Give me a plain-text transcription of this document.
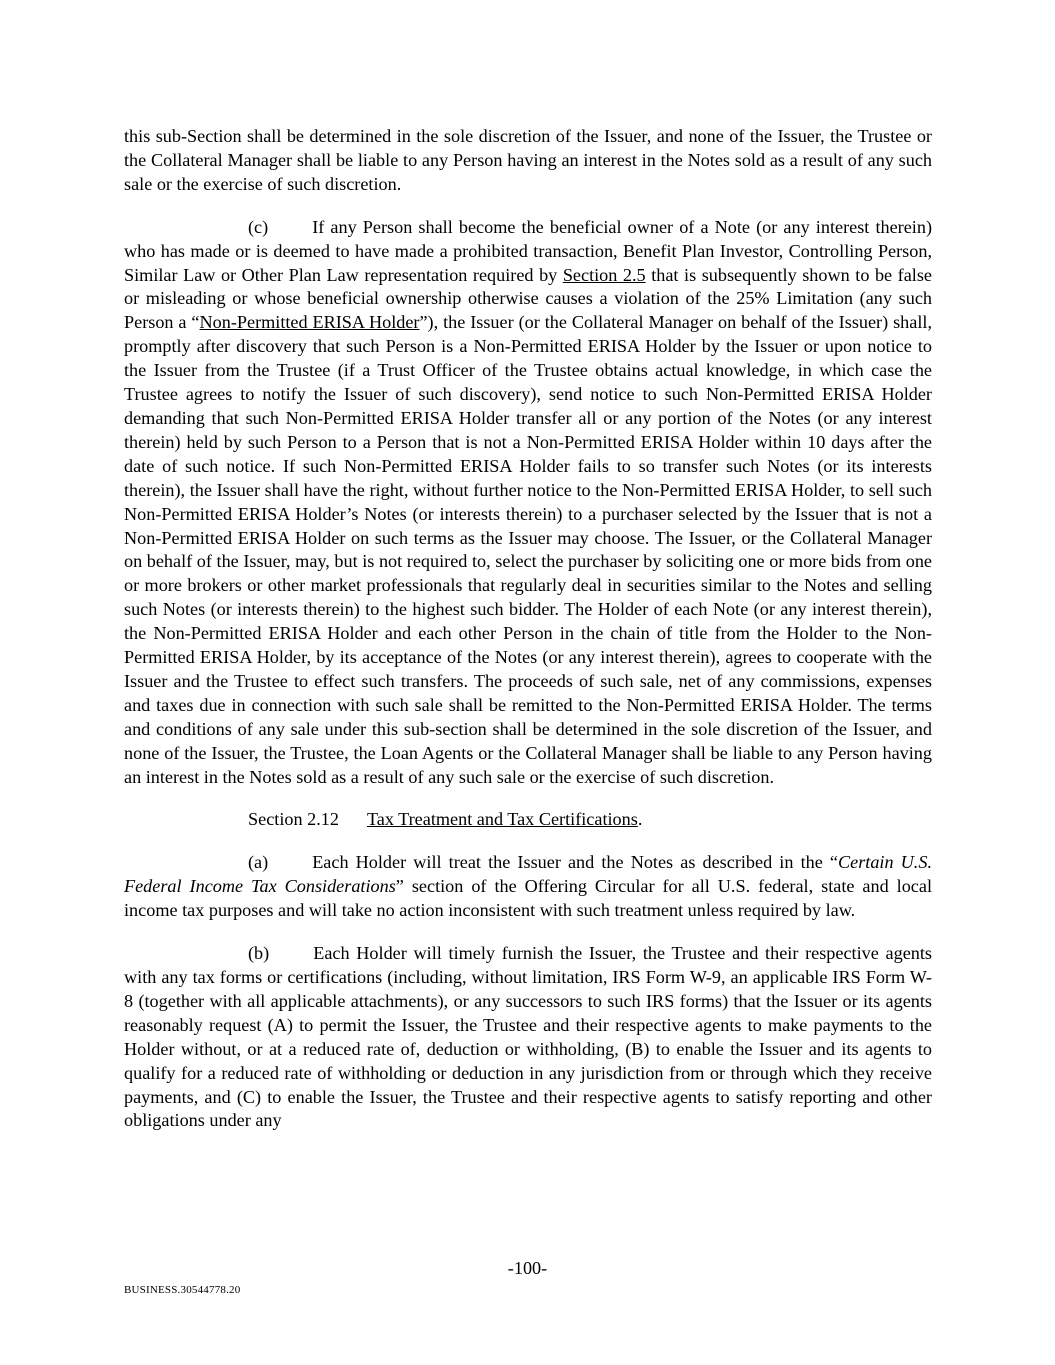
this sub-Section shall be determined in the sole discretion of the Issuer, and none of the Issuer, the Trustee or the Collateral Manager shall be liable to any Person having an interest in the Notes sold as a result of any such sale or the exercise of such discretion.

(c) If any Person shall become the beneficial owner of a Note (or any interest therein) who has made or is deemed to have made a prohibited transaction, Benefit Plan Investor, Controlling Person, Similar Law or Other Plan Law representation required by Section 2.5 that is subsequently shown to be false or misleading or whose beneficial ownership otherwise causes a violation of the 25% Limitation (any such Person a “Non-Permitted ERISA Holder”), the Issuer (or the Collateral Manager on behalf of the Issuer) shall, promptly after discovery that such Person is a Non-Permitted ERISA Holder by the Issuer or upon notice to the Issuer from the Trustee (if a Trust Officer of the Trustee obtains actual knowledge, in which case the Trustee agrees to notify the Issuer of such discovery), send notice to such Non-Permitted ERISA Holder demanding that such Non-Permitted ERISA Holder transfer all or any portion of the Notes (or any interest therein) held by such Person to a Person that is not a Non-Permitted ERISA Holder within 10 days after the date of such notice. If such Non-Permitted ERISA Holder fails to so transfer such Notes (or its interests therein), the Issuer shall have the right, without further notice to the Non-Permitted ERISA Holder, to sell such Non-Permitted ERISA Holder’s Notes (or interests therein) to a purchaser selected by the Issuer that is not a Non-Permitted ERISA Holder on such terms as the Issuer may choose. The Issuer, or the Collateral Manager on behalf of the Issuer, may, but is not required to, select the purchaser by soliciting one or more bids from one or more brokers or other market professionals that regularly deal in securities similar to the Notes and selling such Notes (or interests therein) to the highest such bidder. The Holder of each Note (or any interest therein), the Non-Permitted ERISA Holder and each other Person in the chain of title from the Holder to the Non-Permitted ERISA Holder, by its acceptance of the Notes (or any interest therein), agrees to cooperate with the Issuer and the Trustee to effect such transfers. The proceeds of such sale, net of any commissions, expenses and taxes due in connection with such sale shall be remitted to the Non-Permitted ERISA Holder. The terms and conditions of any sale under this sub-section shall be determined in the sole discretion of the Issuer, and none of the Issuer, the Trustee, the Loan Agents or the Collateral Manager shall be liable to any Person having an interest in the Notes sold as a result of any such sale or the exercise of such discretion.

Section 2.12 Tax Treatment and Tax Certifications.

(a) Each Holder will treat the Issuer and the Notes as described in the “Certain U.S. Federal Income Tax Considerations” section of the Offering Circular for all U.S. federal, state and local income tax purposes and will take no action inconsistent with such treatment unless required by law.

(b) Each Holder will timely furnish the Issuer, the Trustee and their respective agents with any tax forms or certifications (including, without limitation, IRS Form W-9, an applicable IRS Form W-8 (together with all applicable attachments), or any successors to such IRS forms) that the Issuer or its agents reasonably request (A) to permit the Issuer, the Trustee and their respective agents to make payments to the Holder without, or at a reduced rate of, deduction or withholding, (B) to enable the Issuer and its agents to qualify for a reduced rate of withholding or deduction in any jurisdiction from or through which they receive payments, and (C) to enable the Issuer, the Trustee and their respective agents to satisfy reporting and other obligations under any

-100-
BUSINESS.30544778.20
